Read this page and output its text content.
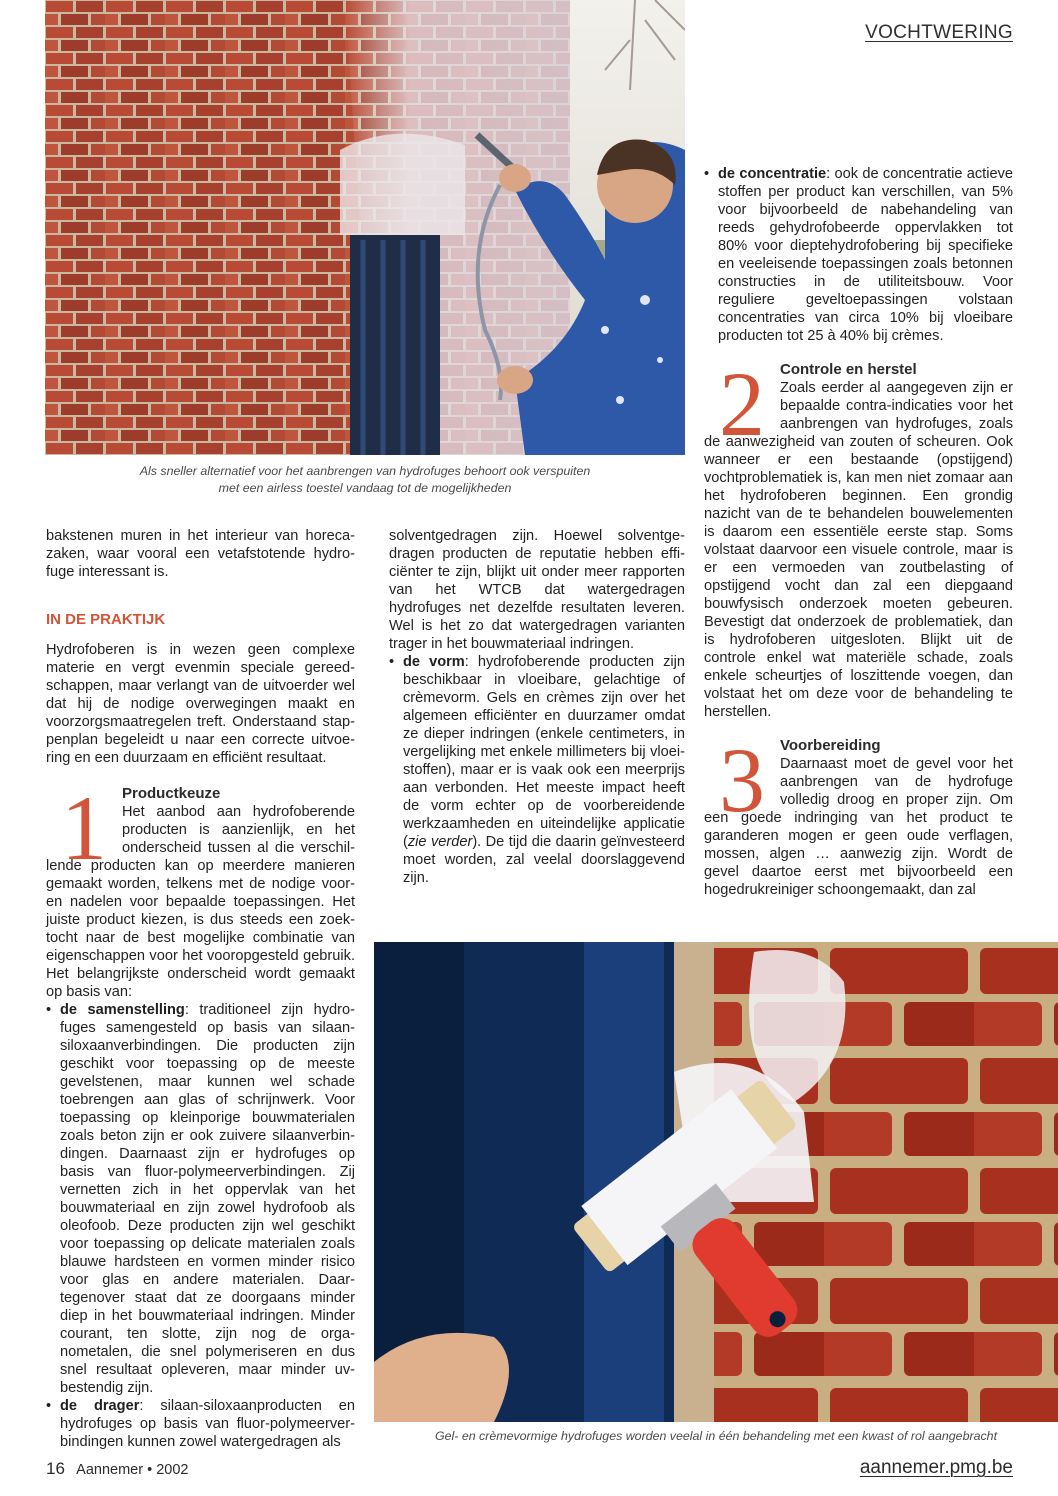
VOCHTWERING
Als sneller alternatief voor het aanbrengen van hydrofuges behoort ook verspuiten
met een airless toestel vandaag tot de mogelijkheden

bakstenen muren in het interieur van horecazaken, waar vooral een vetafstotende hydrofuge interessant is.

IN DE PRAKTIJK

Hydrofoberen is in wezen geen complexe materie en vergt evenmin speciale gereedschappen, maar verlangt van de uitvoerder wel dat hij de nodige overwegingen maakt en voorzorgsmaatregelen treft. Onderstaand stappenplan begeleidt u naar een correcte uitvoering en een duurzaam en efficiënt resultaat.

1	Productkeuze

Het aanbod aan hydrofoberende producten is aanzienlijk, en het onderscheid tussen al die verschillende producten kan op meerdere manieren gemaakt worden, telkens met de nodige voor- en nadelen voor bepaalde toepassingen. Het juiste product kiezen, is dus steeds een zoektocht naar de best mogelijke combinatie van eigenschappen voor het vooropgesteld gebruik. Het belangrijkste onderscheid wordt gemaakt op basis van:

• de samenstelling: traditioneel zijn hydrofuges samengesteld op basis van silaan-siloxaanverbindingen. Die producten zijn geschikt voor toepassing op de meeste gevelstenen, maar kunnen wel schade toebrengen aan glas of schrijnwerk. Voor toepassing op kleinporige bouwmaterialen zoals beton zijn er ook zuivere silaanverbindingen. Daarnaast zijn er hydrofuges op basis van fluor-polymeerverbindingen. Zij vernetten zich in het oppervlak van het bouwmateriaal en zijn zowel hydrofoob als oleofoob. Deze producten zijn wel geschikt voor toepassing op delicate materialen zoals blauwe hardsteen en vormen minder risico voor glas en andere materialen. Daartegenover staat dat ze doorgaans minder diep in het bouwmateriaal indringen. Minder courant, ten slotte, zijn nog de organometalen, die snel polymeriseren en dus snel resultaat opleveren, maar minder uv-bestendig zijn.
• de drager: silaan-siloxaanproducten en hydrofuges op basis van fluor-polymeerverbindingen kunnen zowel watergedragen als

solventgedragen zijn. Hoewel solventgedragen producten de reputatie hebben efficiënter te zijn, blijkt uit onder meer rapporten van het WTCB dat watergedragen hydrofuges net dezelfde resultaten leveren. Wel is het zo dat watergedragen varianten trager in het bouwmateriaal indringen.

• de vorm: hydrofoberende producten zijn beschikbaar in vloeibare, gelachtige of crèmevorm. Gels en crèmes zijn over het algemeen efficiënter en duurzamer omdat ze dieper indringen (enkele centimeters, in vergelijking met enkele millimeters bij vloeistoffen), maar er is vaak ook een meerprijs aan verbonden. Het meeste impact heeft de vorm echter op de voorbereidende werkzaamheden en uiteindelijke applicatie (zie verder). De tijd die daarin geïnvesteerd moet worden, zal veelal doorslaggevend zijn.
• de concentratie: ook de concentratie actieve stoffen per product kan verschillen, van 5% voor bijvoorbeeld de nabehandeling van reeds gehydrofobeerde oppervlakken tot 80% voor dieptehydrofobering bij specifieke en veeleisende toepassingen zoals betonnen constructies in de utiliteitsbouw. Voor reguliere geveltoepassingen volstaan concentraties van circa 10% bij vloeibare producten tot 25 à 40% bij crèmes.
2	Controle en herstel

Zoals eerder al aangegeven zijn er bepaalde contra-indicaties voor het aanbrengen van hydrofuges, zoals de aanwezigheid van zouten of scheuren. Ook wanneer er een bestaande (opstijgend) vochtproblematiek is, kan men niet zomaar aan het hydrofoberen beginnen. Een grondig nazicht van de te behandelen bouwelementen is daarom een essentiële eerste stap. Soms volstaat daarvoor een visuele controle, maar is er een vermoeden van zoutbelasting of opstijgend vocht dan zal een diepgaand bouwfysisch onderzoek moeten gebeuren. Bevestigt dat onderzoek de problematiek, dan is hydrofoberen uitgesloten. Blijkt uit de controle enkel wat materiële schade, zoals enkele scheurtjes of loszittende voegen, dan volstaat het om deze voor de behandeling te herstellen.

3	Voorbereiding

Daarnaast moet de gevel voor het aanbrengen van de hydrofuge volledig droog en proper zijn. Om een goede indringing van het product te garanderen mogen er geen oude verflagen, mossen, algen … aanwezig zijn. Wordt de gevel daartoe eerst met bijvoorbeeld een hogedrukreiniger schoongemaakt, dan zal

Gel- en crèmevormige hydrofuges worden veelal in één behandeling met een kwast of rol aangebracht
16 Aannemer • 2002	aannemer.pmg.be
